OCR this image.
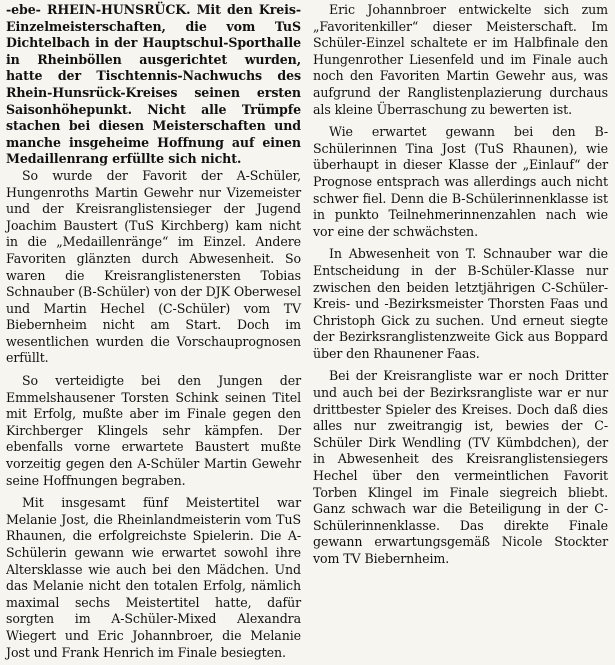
-ebe- RHEIN-HUNSRÜCK. Mit den Kreis-Einzelmeisterschaften, die vom TuS Dichtelbach in der Hauptschul-Sporthalle in Rheinböllen ausgerichtet wurden, hatte der Tischtennis-Nachwuchs des Rhein-Hunsrück-Kreises seinen ersten Saisonhöhepunkt. Nicht alle Trümpfe stachen bei diesen Meisterschaften und manche insgeheime Hoffnung auf einen Medaillenrang erfüllte sich nicht.

So wurde der Favorit der A-Schüler, Hungenroths Martin Gewehr nur Vizemeister und der Kreisranglistensieger der Jugend Joachim Baustert (TuS Kirchberg) kam nicht in die „Medaillenränge“ im Einzel. Andere Favoriten glänzten durch Abwesenheit. So waren die Kreisranglistenersten Tobias Schnauber (B-Schüler) von der DJK Oberwesel und Martin Hechel (C-Schüler) vom TV Biebernheim nicht am Start. Doch im wesentlichen wurden die Vorschauprognosen erfüllt.

So verteidigte bei den Jungen der Emmelshausener Torsten Schink seinen Titel mit Erfolg, mußte aber im Finale gegen den Kirchberger Klingels sehr kämpfen. Der ebenfalls vorne erwartete Baustert mußte vorzeitig gegen den A-Schüler Martin Gewehr seine Hoffnungen begraben.

Mit insgesamt fünf Meistertitel war Melanie Jost, die Rheinlandmeisterin vom TuS Rhaunen, die erfolgreichste Spielerin. Die A-Schülerin gewann wie erwartet sowohl ihre Altersklasse wie auch bei den Mädchen. Und das Melanie nicht den totalen Erfolg, nämlich maximal sechs Meistertitel hatte, dafür sorgten im A-Schüler-Mixed Alexandra Wiegert und Eric Johannbroer, die Melanie Jost und Frank Henrich im Finale besiegten.

Eric Johannbroer entwickelte sich zum „Favoritenkiller“ dieser Meisterschaft. Im Schüler-Einzel schaltete er im Halbfinale den Hungenrother Liesenfeld und im Finale auch noch den Favoriten Martin Gewehr aus, was aufgrund der Ranglistenplazierung durchaus als kleine Überraschung zu bewerten ist.

Wie erwartet gewann bei den B-Schülerinnen Tina Jost (TuS Rhaunen), wie überhaupt in dieser Klasse der „Einlauf“ der Prognose entsprach was allerdings auch nicht schwer fiel. Denn die B-Schülerinnenklasse ist in punkto Teilnehmerinnenzahlen nach wie vor eine der schwächsten.

In Abwesenheit von T. Schnauber war die Entscheidung in der B-Schüler-Klasse nur zwischen den beiden letztjährigen C-Schüler-Kreis- und -Bezirksmeister Thorsten Faas und Christoph Gick zu suchen. Und erneut siegte der Bezirksranglistenzweite Gick aus Boppard über den Rhaunener Faas.

Bei der Kreisrangliste war er noch Dritter und auch bei der Bezirksrangliste war er nur drittbester Spieler des Kreises. Doch daß dies alles nur zweitrangig ist, bewies der C-Schüler Dirk Wendling (TV Kümbdchen), der in Abwesenheit des Kreisranglistensiegers Hechel über den vermeintlichen Favorit Torben Klingel im Finale siegreich bliebt. Ganz schwach war die Beteiligung in der C-Schülerinnenklasse. Das direkte Finale gewann erwartungsgemäß Nicole Stockter vom TV Biebernheim.
